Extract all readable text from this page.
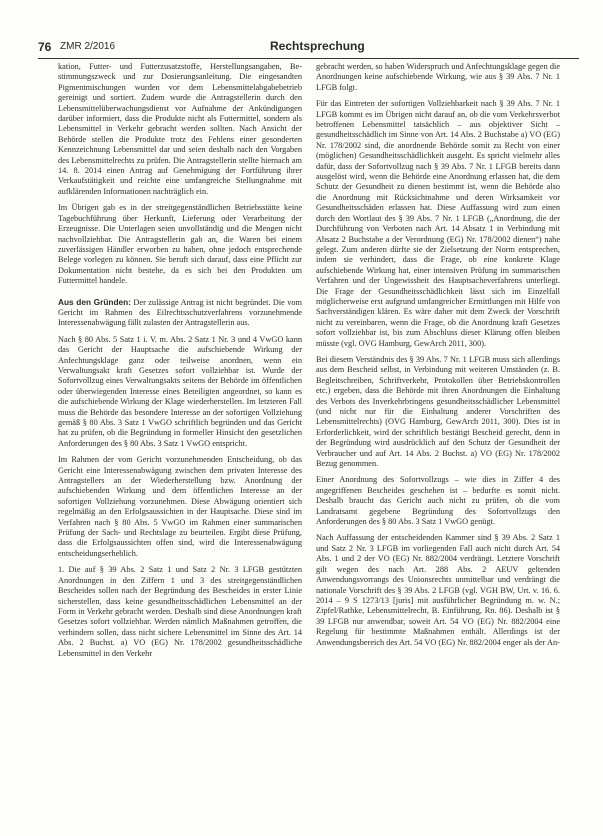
76 ZMR 2/2016	Rechtsprechung

kation, Futter- und Futterzusatzstoffe, Herstellungsangaben, Be-stimmungszweck und zur Dosierungsanleitung. Die eingesandten Pigmentmischungen wurden vor dem Lebensmittelabgabebetrieb gereinigt und sortiert. Zudem wurde die Antragstellerin durch den Lebensmittelüberwachungsdienst vor Aufnahme der Ankündigungen darüber informiert, dass die Produkte nicht als Futtermittel, sondern als Lebensmittel in Verkehr gebracht werden sollten. Nach Ansicht der Behörde stellen die Produkte trotz des Fehlens einer gesonderten Kennzeichnung Lebensmittel dar und seien deshalb nach den Vorgaben des Lebensmittelrechts zu prüfen. Die Antragstellerin stellte hiernach am 14. 8. 2014 einen Antrag auf Genehmigung der Fortführung ihrer Verkaufstätigkeit und reichte eine umfangreiche Stellungnahme mit aufklärenden Informationen nachträglich ein.

Im Übrigen gab es in der streitgegenständlichen Betriebsstätte keine Tagebuchführung über Herkunft, Lieferung oder Verarbeitung der Erzeugnisse. Die Unterlagen seien unvollständig und die Mengen nicht nachvollziehbar. Die Antragstellerin gab an, die Waren bei einem zuverlässigen Händler erworben zu haben, ohne jedoch entsprechende Belege vorlegen zu können. Sie beruft sich darauf, dass eine Pflicht zur Dokumentation nicht bestehe, da es sich bei den Produkten um Futtermittel handele.

Aus den Gründen: Der zulässige Antrag ist nicht begründet. Die vom Gericht im Rahmen des Eilrechtsschutzverfahrens vorzunehmende Interessenabwägung fällt zulasten der Antragstellerin aus.

Nach § 80 Abs. 5 Satz 1 i. V. m. Abs. 2 Satz 1 Nr. 3 und 4 VwGO kann das Gericht der Hauptsache die aufschiebende Wirkung der Anfechtungsklage ganz oder teilweise anordnen, wenn ein Verwaltungsakt kraft Gesetzes sofort vollziehbar ist. Wurde der Sofortvollzug eines Verwaltungsakts seitens der Behörde im öffentlichen oder überwiegenden Interesse eines Beteiligten angeordnet, so kann es die aufschiebende Wirkung der Klage wiederherstellen. Im letzteren Fall muss die Behörde das besondere Interesse an der sofortigen Vollziehung gemäß § 80 Abs. 3 Satz 1 VwGO schriftlich begründen und das Gericht hat zu prüfen, ob die Begründung in formeller Hinsicht den gesetzlichen Anforderungen des § 80 Abs. 3 Satz 1 VwGO entspricht.

Im Rahmen der vom Gericht vorzunehmenden Entscheidung, ob das Gericht eine Interessenabwägung zwischen dem privaten Interesse des Antragstellers an der Wiederherstellung bzw. Anordnung der aufschiebenden Wirkung und dem öffentlichen Interesse an der sofortigen Vollziehung vorzunehmen. Diese Abwägung orientiert sich regelmäßig an den Erfolgsaussichten in der Hauptsache. Diese sind im Verfahren nach § 80 Abs. 5 VwGO im Rahmen einer summarischen Prüfung der Sach- und Rechtslage zu beurteilen. Ergibt diese Prüfung, dass die Erfolgsaussichten offen sind, wird die Interessenabwägung entscheidungserheblich.

1. Die auf § 39 Abs. 2 Satz 1 und Satz 2 Nr. 3 LFGB gestützten Anordnungen in den Ziffern 1 und 3 des streitgegenständlichen Bescheides sollen nach der Begründung des Bescheides in erster Linie sicherstellen, dass keine gesundheitsschädlichen Lebensmittel an der Form in Verkehr gebracht werden. Deshalb sind diese Anordnungen kraft Gesetzes sofort vollziehbar. Werden nämlich Maßnahmen getroffen, die verhindern sollen, dass nicht sichere Lebensmittel im Sinne des Art. 14 Abs. 2 Buchst. a) VO (EG) Nr. 178/2002 gesundheitsschädliche Lebensmittel in den Verkehr

gebracht werden, so haben Widerspruch und Anfechtungsklage gegen die Anordnungen keine aufschiebende Wirkung, wie aus § 39 Abs. 7 Nr. 1 LFGB folgt.

Für das Eintreten der sofortigen Vollziehbarkeit nach § 39 Abs. 7 Nr. 1 LFGB kommt es im Übrigen nicht darauf an, ob die vom Verkehrsverbot betroffenen Lebensmittel tatsächlich – aus objektiver Sicht – gesundheitsschädlich im Sinne von Art. 14 Abs. 2 Buchstabe a) VO (EG) Nr. 178/2002 sind, die anordnende Behörde somit zu Recht von einer (möglichen) Gesundheitsschädlichkeit ausgeht. Es spricht vielmehr alles dafür, dass der Sofortvollzug nach § 39 Abs. 7 Nr. 1 LFGB bereits dann ausgelöst wird, wenn die Behörde eine Anordnung erlassen hat, die dem Schutz der Gesundheit zu dienen bestimmt ist, wenn die Behörde also die Anordnung mit Rücksichtnahme und deren Wirksamkeit vor Gesundheitsschäden erlassen hat. Diese Auffassung wird zum einen durch den Wortlaut des § 39 Abs. 7 Nr. 1 LFGB („Anordnung, die der Durchführung von Verboten nach Art. 14 Absatz 1 in Verbindung mit Absatz 2 Buchstabe a der Verordnung (EG) Nr. 178/2002 dienen“) nahe gelegt. Zum anderen dürfte sie der Zielsetzung der Norm entsprechen, indem sie verhindert, dass die Frage, ob eine konkrete Klage aufschiebende Wirkung hat, einer intensiven Prüfung im summarischen Verfahren und der Ungewissheit des Hauptsacheverfahrens unterliegt. Die Frage der Gesundheitsschädlichkeit lässt sich im Einzelfall möglicherweise erst aufgrund umfangreicher Ermittlungen mit Hilfe von Sachverständigen klären. Es wäre daher mit dem Zweck der Vorschrift nicht zu vereinbaren, wenn die Frage, ob die Anordnung kraft Gesetzes sofort vollziehbar ist, bis zum Abschluss dieser Klärung offen bleiben müsste (vgl. OVG Hamburg, GewArch 2011, 300).

Bei diesem Verständnis des § 39 Abs. 7 Nr. 1 LFGB muss sich allerdings aus dem Bescheid selbst, in Verbindung mit weiteren Umständen (z. B. Begleitschreiben, Schriftverkehr, Protokollen über Betriebskontrollen etc.) ergeben, dass die Behörde mit ihren Anordnungen die Einhaltung des Verbots des Inverkehrbringens gesundheitsschädlicher Lebensmittel (und nicht nur für die Einhaltung anderer Vorschriften des Lebensmittelrechts) (OVG Hamburg, GewArch 2011, 300). Dies ist in Erforderlichkeit, wird der schriftlich bestätigt Bescheid gerecht, denn in der Begründung wird ausdrücklich auf den Schutz der Gesundheit der Verbraucher und auf Art. 14 Abs. 2 Buchst. a) VO (EG) Nr. 178/2002 Bezug genommen.

Einer Anordnung des Sofortvollzugs – wie dies in Ziffer 4 des angegriffenen Bescheides geschehen ist – bedurfte es somit nicht. Deshalb braucht das Gericht auch nicht zu prüfen, ob die vom Landratsamt gegebene Begründung des Sofortvollzugs den Anforderungen des § 80 Abs. 3 Satz 1 VwGO genügt.

Nach Auffassung der entscheidenden Kammer sind § 39 Abs. 2 Satz 1 und Satz 2 Nr. 3 LFGB im vorliegenden Fall auch nicht durch Art. 54 Abs. 1 und 2 der VO (EG) Nr. 882/2004 verdrängt. Letztere Vorschrift gilt wegen des nach Art. 288 Abs. 2 AEUV geltenden Anwendungsvorrangs des Unionsrechts unmittelbar und verdrängt die nationale Vorschrift des § 39 Abs. 2 LFGB (vgl. VGH BW, Urt. v. 16. 6. 2014 – 9 S 1273/13 [juris] mit ausführlicher Begründung m. w. N.; Zipfel/Rathke, Lebensmittelrecht, B. Einführung, Rn. 86). Deshalb ist § 39 LFGB nur anwendbar, soweit Art. 54 VO (EG) Nr. 882/2004 eine Regelung für bestimmte Maßnahmen enthält. Allerdings ist der Anwendungsbereich des Art. 54 VO (EG) Nr. 882/2004 enger als der An-
